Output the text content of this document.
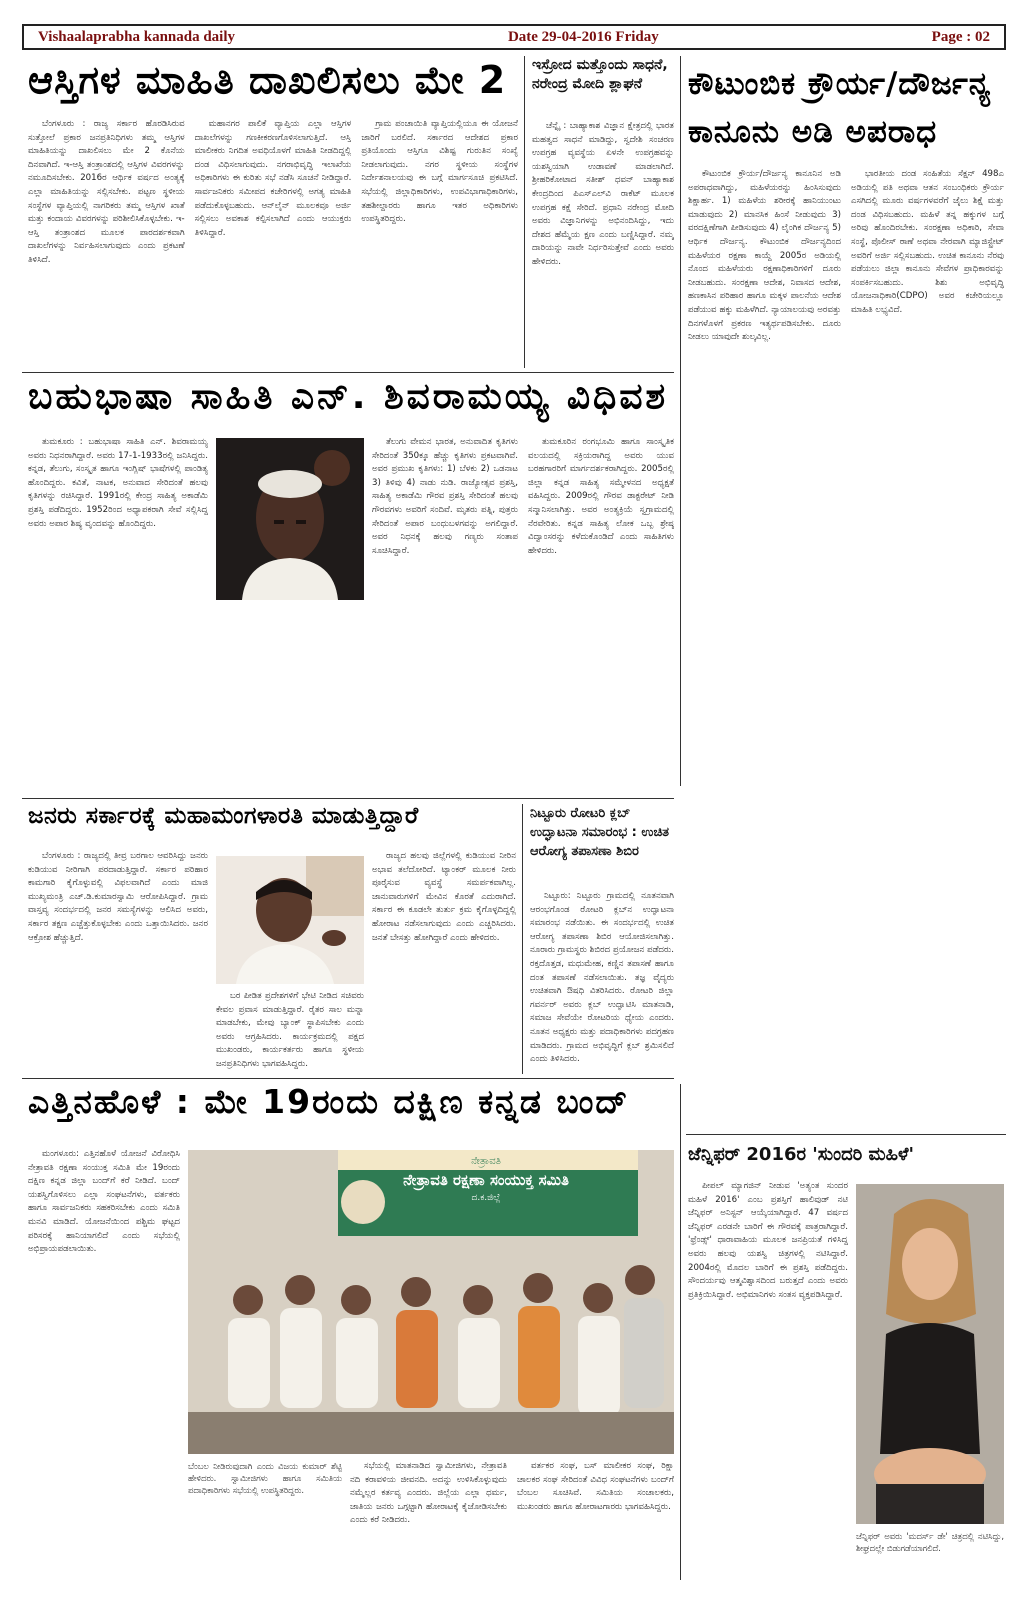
Vishaalaprabha kannada daily	Date 29-04-2016 Friday	Page : 02
ಆಸ್ತಿಗಳ ಮಾಹಿತಿ ದಾಖಲಿಸಲು ಮೇ 2

ಬೆಂಗಳೂರು : ರಾಜ್ಯ ಸರ್ಕಾರ ಹೊರಡಿಸಿರುವ ಸುತ್ತೋಲೆ ಪ್ರಕಾರ ಜನಪ್ರತಿನಿಧಿಗಳು ತಮ್ಮ ಆಸ್ತಿಗಳ ಮಾಹಿತಿಯನ್ನು ದಾಖಲಿಸಲು ಮೇ 2 ಕೊನೆಯ ದಿನವಾಗಿದೆ. ಇ-ಆಸ್ತಿ ತಂತ್ರಾಂಶದಲ್ಲಿ ಆಸ್ತಿಗಳ ವಿವರಗಳನ್ನು ನಮೂದಿಸಬೇಕು. 2016ರ ಆರ್ಥಿಕ ವರ್ಷದ ಅಂತ್ಯಕ್ಕೆ ಎಲ್ಲಾ ಮಾಹಿತಿಯನ್ನು ಸಲ್ಲಿಸಬೇಕು. ಪಟ್ಟಣ ಸ್ಥಳೀಯ ಸಂಸ್ಥೆಗಳ ವ್ಯಾಪ್ತಿಯಲ್ಲಿ ನಾಗರಿಕರು ತಮ್ಮ ಆಸ್ತಿಗಳ ಖಾತೆ ಮತ್ತು ಕಂದಾಯ ವಿವರಗಳನ್ನು ಪರಿಶೀಲಿಸಿಕೊಳ್ಳಬೇಕು. ಇ-ಆಸ್ತಿ ತಂತ್ರಾಂಶದ ಮೂಲಕ ಪಾರದರ್ಶಕವಾಗಿ ದಾಖಲೆಗಳನ್ನು ನಿರ್ವಹಿಸಲಾಗುವುದು ಎಂದು ಪ್ರಕಟಣೆ ತಿಳಿಸಿದೆ.

ಮಹಾನಗರ ಪಾಲಿಕೆ ವ್ಯಾಪ್ತಿಯ ಎಲ್ಲಾ ಆಸ್ತಿಗಳ ದಾಖಲೆಗಳನ್ನು ಗಣಕೀಕರಣಗೊಳಿಸಲಾಗುತ್ತಿದೆ. ಆಸ್ತಿ ಮಾಲೀಕರು ನಿಗದಿತ ಅವಧಿಯೊಳಗೆ ಮಾಹಿತಿ ನೀಡದಿದ್ದಲ್ಲಿ ದಂಡ ವಿಧಿಸಲಾಗುವುದು. ನಗರಾಭಿವೃದ್ಧಿ ಇಲಾಖೆಯ ಅಧಿಕಾರಿಗಳು ಈ ಕುರಿತು ಸಭೆ ನಡೆಸಿ ಸೂಚನೆ ನೀಡಿದ್ದಾರೆ. ಸಾರ್ವಜನಿಕರು ಸಮೀಪದ ಕಚೇರಿಗಳಲ್ಲಿ ಅಗತ್ಯ ಮಾಹಿತಿ ಪಡೆದುಕೊಳ್ಳಬಹುದು. ಆನ್‌ಲೈನ್ ಮೂಲಕವೂ ಅರ್ಜಿ ಸಲ್ಲಿಸಲು ಅವಕಾಶ ಕಲ್ಪಿಸಲಾಗಿದೆ ಎಂದು ಆಯುಕ್ತರು ತಿಳಿಸಿದ್ದಾರೆ.

ಗ್ರಾಮ ಪಂಚಾಯಿತಿ ವ್ಯಾಪ್ತಿಯಲ್ಲಿಯೂ ಈ ಯೋಜನೆ ಜಾರಿಗೆ ಬರಲಿದೆ. ಸರ್ಕಾರದ ಆದೇಶದ ಪ್ರಕಾರ ಪ್ರತಿಯೊಂದು ಆಸ್ತಿಗೂ ವಿಶಿಷ್ಟ ಗುರುತಿನ ಸಂಖ್ಯೆ ನೀಡಲಾಗುವುದು. ನಗರ ಸ್ಥಳೀಯ ಸಂಸ್ಥೆಗಳ ನಿರ್ದೇಶನಾಲಯವು ಈ ಬಗ್ಗೆ ಮಾರ್ಗಸೂಚಿ ಪ್ರಕಟಿಸಿದೆ. ಸಭೆಯಲ್ಲಿ ಜಿಲ್ಲಾಧಿಕಾರಿಗಳು, ಉಪವಿಭಾಗಾಧಿಕಾರಿಗಳು, ತಹಶೀಲ್ದಾರರು ಹಾಗೂ ಇತರ ಅಧಿಕಾರಿಗಳು ಉಪಸ್ಥಿತರಿದ್ದರು.

ಇಸ್ರೋದ ಮತ್ತೊಂದು ಸಾಧನೆ, ನರೇಂದ್ರ ಮೋದಿ ಶ್ಲಾಘನೆ

ಚೆನ್ನೈ : ಬಾಹ್ಯಾಕಾಶ ವಿಜ್ಞಾನ ಕ್ಷೇತ್ರದಲ್ಲಿ ಭಾರತ ಮಹತ್ವದ ಸಾಧನೆ ಮಾಡಿದ್ದು, ಸ್ವದೇಶಿ ಸಂಚರಣ ಉಪಗ್ರಹ ವ್ಯವಸ್ಥೆಯ ಏಳನೇ ಉಪಗ್ರಹವನ್ನು ಯಶಸ್ವಿಯಾಗಿ ಉಡಾವಣೆ ಮಾಡಲಾಗಿದೆ. ಶ್ರೀಹರಿಕೋಟಾದ ಸತೀಶ್ ಧವನ್ ಬಾಹ್ಯಾಕಾಶ ಕೇಂದ್ರದಿಂದ ಪಿಎಸ್‌ಎಲ್‌ವಿ ರಾಕೆಟ್ ಮೂಲಕ ಉಪಗ್ರಹ ಕಕ್ಷೆ ಸೇರಿದೆ. ಪ್ರಧಾನಿ ನರೇಂದ್ರ ಮೋದಿ ಅವರು ವಿಜ್ಞಾನಿಗಳನ್ನು ಅಭಿನಂದಿಸಿದ್ದು, ಇದು ದೇಶದ ಹೆಮ್ಮೆಯ ಕ್ಷಣ ಎಂದು ಬಣ್ಣಿಸಿದ್ದಾರೆ. ನಮ್ಮ ದಾರಿಯನ್ನು ನಾವೇ ನಿರ್ಧರಿಸುತ್ತೇವೆ ಎಂದು ಅವರು ಹೇಳಿದರು.

ಕೌಟುಂಬಿಕ ಕ್ರೌರ್ಯ/ದೌರ್ಜನ್ಯ ಕಾನೂನು ಅಡಿ ಅಪರಾಧ

ಕೌಟುಂಬಿಕ ಕ್ರೌರ್ಯ/ದೌರ್ಜನ್ಯ ಕಾನೂನಿನ ಅಡಿ ಅಪರಾಧವಾಗಿದ್ದು, ಮಹಿಳೆಯರನ್ನು ಹಿಂಸಿಸುವುದು ಶಿಕ್ಷಾರ್ಹ. 1) ಮಹಿಳೆಯ ಶರೀರಕ್ಕೆ ಹಾನಿಯುಂಟು ಮಾಡುವುದು 2) ಮಾನಸಿಕ ಹಿಂಸೆ ನೀಡುವುದು 3) ವರದಕ್ಷಿಣೆಗಾಗಿ ಪೀಡಿಸುವುದು 4) ಲೈಂಗಿಕ ದೌರ್ಜನ್ಯ 5) ಆರ್ಥಿಕ ದೌರ್ಜನ್ಯ. ಕೌಟುಂಬಿಕ ದೌರ್ಜನ್ಯದಿಂದ ಮಹಿಳೆಯರ ರಕ್ಷಣಾ ಕಾಯ್ದೆ 2005ರ ಅಡಿಯಲ್ಲಿ ನೊಂದ ಮಹಿಳೆಯರು ರಕ್ಷಣಾಧಿಕಾರಿಗಳಿಗೆ ದೂರು ನೀಡಬಹುದು. ಸಂರಕ್ಷಣಾ ಆದೇಶ, ನಿವಾಸದ ಆದೇಶ, ಹಣಕಾಸಿನ ಪರಿಹಾರ ಹಾಗೂ ಮಕ್ಕಳ ಪಾಲನೆಯ ಆದೇಶ ಪಡೆಯುವ ಹಕ್ಕು ಮಹಿಳೆಗಿದೆ. ನ್ಯಾಯಾಲಯವು ಅರವತ್ತು ದಿನಗಳೊಳಗೆ ಪ್ರಕರಣ ಇತ್ಯರ್ಥಪಡಿಸಬೇಕು. ದೂರು ನೀಡಲು ಯಾವುದೇ ಶುಲ್ಕವಿಲ್ಲ.

ಭಾರತೀಯ ದಂಡ ಸಂಹಿತೆಯ ಸೆಕ್ಷನ್ 498ಎ ಅಡಿಯಲ್ಲಿ ಪತಿ ಅಥವಾ ಆತನ ಸಂಬಂಧಿಕರು ಕ್ರೌರ್ಯ ಎಸಗಿದಲ್ಲಿ ಮೂರು ವರ್ಷಗಳವರೆಗೆ ಜೈಲು ಶಿಕ್ಷೆ ಮತ್ತು ದಂಡ ವಿಧಿಸಬಹುದು. ಮಹಿಳೆ ತನ್ನ ಹಕ್ಕುಗಳ ಬಗ್ಗೆ ಅರಿವು ಹೊಂದಿರಬೇಕು. ಸಂರಕ್ಷಣಾ ಅಧಿಕಾರಿ, ಸೇವಾ ಸಂಸ್ಥೆ, ಪೊಲೀಸ್ ಠಾಣೆ ಅಥವಾ ನೇರವಾಗಿ ಮ್ಯಾಜಿಸ್ಟ್ರೇಟ್ ಅವರಿಗೆ ಅರ್ಜಿ ಸಲ್ಲಿಸಬಹುದು. ಉಚಿತ ಕಾನೂನು ನೆರವು ಪಡೆಯಲು ಜಿಲ್ಲಾ ಕಾನೂನು ಸೇವೆಗಳ ಪ್ರಾಧಿಕಾರವನ್ನು ಸಂಪರ್ಕಿಸಬಹುದು. ಶಿಶು ಅಭಿವೃದ್ಧಿ ಯೋಜನಾಧಿಕಾರಿ(CDPO) ಅವರ ಕಚೇರಿಯಲ್ಲೂ ಮಾಹಿತಿ ಲಭ್ಯವಿದೆ.

ಬಹುಭಾಷಾ ಸಾಹಿತಿ ಎನ್. ಶಿವರಾಮಯ್ಯ ವಿಧಿವಶ

ತುಮಕೂರು : ಬಹುಭಾಷಾ ಸಾಹಿತಿ ಎನ್. ಶಿವರಾಮಯ್ಯ ಅವರು ನಿಧನರಾಗಿದ್ದಾರೆ. ಅವರು 17-1-1933ರಲ್ಲಿ ಜನಿಸಿದ್ದರು. ಕನ್ನಡ, ತೆಲುಗು, ಸಂಸ್ಕೃತ ಹಾಗೂ ಇಂಗ್ಲಿಷ್ ಭಾಷೆಗಳಲ್ಲಿ ಪಾಂಡಿತ್ಯ ಹೊಂದಿದ್ದರು. ಕವಿತೆ, ನಾಟಕ, ಅನುವಾದ ಸೇರಿದಂತೆ ಹಲವು ಕೃತಿಗಳನ್ನು ರಚಿಸಿದ್ದಾರೆ. 1991ರಲ್ಲಿ ಕೇಂದ್ರ ಸಾಹಿತ್ಯ ಅಕಾಡೆಮಿ ಪ್ರಶಸ್ತಿ ಪಡೆದಿದ್ದರು. 1952ರಿಂದ ಅಧ್ಯಾಪಕರಾಗಿ ಸೇವೆ ಸಲ್ಲಿಸಿದ್ದ ಅವರು ಅಪಾರ ಶಿಷ್ಯ ವೃಂದವನ್ನು ಹೊಂದಿದ್ದರು.

ತೆಲುಗು ವೇಮನ ಭಾರತ, ಅನುವಾದಿತ ಕೃತಿಗಳು ಸೇರಿದಂತೆ 350ಕ್ಕೂ ಹೆಚ್ಚು ಕೃತಿಗಳು ಪ್ರಕಟವಾಗಿವೆ. ಅವರ ಪ್ರಮುಖ ಕೃತಿಗಳು: 1) ಬೆಳಕು 2) ಒಡನಾಟ 3) ತಿಳಿವು 4) ನಾಡು ನುಡಿ. ರಾಜ್ಯೋತ್ಸವ ಪ್ರಶಸ್ತಿ, ಸಾಹಿತ್ಯ ಅಕಾಡೆಮಿ ಗೌರವ ಪ್ರಶಸ್ತಿ ಸೇರಿದಂತೆ ಹಲವು ಗೌರವಗಳು ಅವರಿಗೆ ಸಂದಿವೆ. ಮೃತರು ಪತ್ನಿ, ಪುತ್ರರು ಸೇರಿದಂತೆ ಅಪಾರ ಬಂಧುಬಳಗವನ್ನು ಅಗಲಿದ್ದಾರೆ. ಅವರ ನಿಧನಕ್ಕೆ ಹಲವು ಗಣ್ಯರು ಸಂತಾಪ ಸೂಚಿಸಿದ್ದಾರೆ.

ತುಮಕೂರಿನ ರಂಗಭೂಮಿ ಹಾಗೂ ಸಾಂಸ್ಕೃತಿಕ ವಲಯದಲ್ಲಿ ಸಕ್ರಿಯರಾಗಿದ್ದ ಅವರು ಯುವ ಬರಹಗಾರರಿಗೆ ಮಾರ್ಗದರ್ಶಕರಾಗಿದ್ದರು. 2005ರಲ್ಲಿ ಜಿಲ್ಲಾ ಕನ್ನಡ ಸಾಹಿತ್ಯ ಸಮ್ಮೇಳನದ ಅಧ್ಯಕ್ಷತೆ ವಹಿಸಿದ್ದರು. 2009ರಲ್ಲಿ ಗೌರವ ಡಾಕ್ಟರೇಟ್ ನೀಡಿ ಸನ್ಮಾನಿಸಲಾಗಿತ್ತು. ಅವರ ಅಂತ್ಯಕ್ರಿಯೆ ಸ್ವಗ್ರಾಮದಲ್ಲಿ ನೆರವೇರಿತು. ಕನ್ನಡ ಸಾಹಿತ್ಯ ಲೋಕ ಒಬ್ಬ ಶ್ರೇಷ್ಠ ವಿದ್ವಾಂಸರನ್ನು ಕಳೆದುಕೊಂಡಿದೆ ಎಂದು ಸಾಹಿತಿಗಳು ಹೇಳಿದರು.

ಜನರು ಸರ್ಕಾರಕ್ಕೆ ಮಹಾಮಂಗಳಾರತಿ ಮಾಡುತ್ತಿದ್ದಾರೆ

ಬೆಂಗಳೂರು : ರಾಜ್ಯದಲ್ಲಿ ತೀವ್ರ ಬರಗಾಲ ಆವರಿಸಿದ್ದು ಜನರು ಕುಡಿಯುವ ನೀರಿಗಾಗಿ ಪರದಾಡುತ್ತಿದ್ದಾರೆ. ಸರ್ಕಾರ ಪರಿಹಾರ ಕಾಮಗಾರಿ ಕೈಗೊಳ್ಳುವಲ್ಲಿ ವಿಫಲವಾಗಿದೆ ಎಂದು ಮಾಜಿ ಮುಖ್ಯಮಂತ್ರಿ ಎಚ್.ಡಿ.ಕುಮಾರಸ್ವಾಮಿ ಆರೋಪಿಸಿದ್ದಾರೆ. ಗ್ರಾಮ ವಾಸ್ತವ್ಯ ಸಂದರ್ಭದಲ್ಲಿ ಜನರ ಸಮಸ್ಯೆಗಳನ್ನು ಆಲಿಸಿದ ಅವರು, ಸರ್ಕಾರ ತಕ್ಷಣ ಎಚ್ಚೆತ್ತುಕೊಳ್ಳಬೇಕು ಎಂದು ಒತ್ತಾಯಿಸಿದರು. ಜನರ ಆಕ್ರೋಶ ಹೆಚ್ಚುತ್ತಿದೆ.

ರಾಜ್ಯದ ಹಲವು ಜಿಲ್ಲೆಗಳಲ್ಲಿ ಕುಡಿಯುವ ನೀರಿನ ಅಭಾವ ತಲೆದೋರಿದೆ. ಟ್ಯಾಂಕರ್ ಮೂಲಕ ನೀರು ಪೂರೈಸುವ ವ್ಯವಸ್ಥೆ ಸಮರ್ಪಕವಾಗಿಲ್ಲ. ಜಾನುವಾರುಗಳಿಗೆ ಮೇವಿನ ಕೊರತೆ ಎದುರಾಗಿದೆ. ಸರ್ಕಾರ ಈ ಕೂಡಲೇ ತುರ್ತು ಕ್ರಮ ಕೈಗೊಳ್ಳದಿದ್ದಲ್ಲಿ ಹೋರಾಟ ನಡೆಸಲಾಗುವುದು ಎಂದು ಎಚ್ಚರಿಸಿದರು. ಜನತೆ ಬೇಸತ್ತು ಹೋಗಿದ್ದಾರೆ ಎಂದು ಹೇಳಿದರು.

ಬರ ಪೀಡಿತ ಪ್ರದೇಶಗಳಿಗೆ ಭೇಟಿ ನೀಡಿದ ಸಚಿವರು ಕೇವಲ ಪ್ರವಾಸ ಮಾಡುತ್ತಿದ್ದಾರೆ. ರೈತರ ಸಾಲ ಮನ್ನಾ ಮಾಡಬೇಕು, ಮೇವು ಬ್ಯಾಂಕ್ ಸ್ಥಾಪಿಸಬೇಕು ಎಂದು ಅವರು ಆಗ್ರಹಿಸಿದರು. ಕಾರ್ಯಕ್ರಮದಲ್ಲಿ ಪಕ್ಷದ ಮುಖಂಡರು, ಕಾರ್ಯಕರ್ತರು ಹಾಗೂ ಸ್ಥಳೀಯ ಜನಪ್ರತಿನಿಧಿಗಳು ಭಾಗವಹಿಸಿದ್ದರು.

ನಿಟ್ಟೂರು ರೋಟರಿ ಕ್ಲಬ್ ಉದ್ಘಾಟನಾ ಸಮಾರಂಭ : ಉಚಿತ ಆರೋಗ್ಯ ತಪಾಸಣಾ ಶಿಬಿರ

ನಿಟ್ಟೂರು: ನಿಟ್ಟೂರು ಗ್ರಾಮದಲ್ಲಿ ನೂತನವಾಗಿ ಆರಂಭಗೊಂಡ ರೋಟರಿ ಕ್ಲಬ್‌ನ ಉದ್ಘಾಟನಾ ಸಮಾರಂಭ ನಡೆಯಿತು. ಈ ಸಂದರ್ಭದಲ್ಲಿ ಉಚಿತ ಆರೋಗ್ಯ ತಪಾಸಣಾ ಶಿಬಿರ ಆಯೋಜಿಸಲಾಗಿತ್ತು. ನೂರಾರು ಗ್ರಾಮಸ್ಥರು ಶಿಬಿರದ ಪ್ರಯೋಜನ ಪಡೆದರು. ರಕ್ತದೊತ್ತಡ, ಮಧುಮೇಹ, ಕಣ್ಣಿನ ತಪಾಸಣೆ ಹಾಗೂ ದಂತ ತಪಾಸಣೆ ನಡೆಸಲಾಯಿತು. ತಜ್ಞ ವೈದ್ಯರು ಉಚಿತವಾಗಿ ಔಷಧಿ ವಿತರಿಸಿದರು. ರೋಟರಿ ಜಿಲ್ಲಾ ಗವರ್ನರ್ ಅವರು ಕ್ಲಬ್ ಉದ್ಘಾಟಿಸಿ ಮಾತನಾಡಿ, ಸಮಾಜ ಸೇವೆಯೇ ರೋಟರಿಯ ಧ್ಯೇಯ ಎಂದರು. ನೂತನ ಅಧ್ಯಕ್ಷರು ಮತ್ತು ಪದಾಧಿಕಾರಿಗಳು ಪದಗ್ರಹಣ ಮಾಡಿದರು. ಗ್ರಾಮದ ಅಭಿವೃದ್ಧಿಗೆ ಕ್ಲಬ್ ಶ್ರಮಿಸಲಿದೆ ಎಂದು ತಿಳಿಸಿದರು.

ಎತ್ತಿನಹೊಳೆ : ಮೇ 19ರಂದು ದಕ್ಷಿಣ ಕನ್ನಡ ಬಂದ್

ಮಂಗಳೂರು: ಎತ್ತಿನಹೊಳೆ ಯೋಜನೆ ವಿರೋಧಿಸಿ ನೇತ್ರಾವತಿ ರಕ್ಷಣಾ ಸಂಯುಕ್ತ ಸಮಿತಿ ಮೇ 19ರಂದು ದಕ್ಷಿಣ ಕನ್ನಡ ಜಿಲ್ಲಾ ಬಂದ್‌ಗೆ ಕರೆ ನೀಡಿದೆ. ಬಂದ್ ಯಶಸ್ವಿಗೊಳಿಸಲು ಎಲ್ಲಾ ಸಂಘಟನೆಗಳು, ವರ್ತಕರು ಹಾಗೂ ಸಾರ್ವಜನಿಕರು ಸಹಕರಿಸಬೇಕು ಎಂದು ಸಮಿತಿ ಮನವಿ ಮಾಡಿದೆ. ಯೋಜನೆಯಿಂದ ಪಶ್ಚಿಮ ಘಟ್ಟದ ಪರಿಸರಕ್ಕೆ ಹಾನಿಯಾಗಲಿದೆ ಎಂದು ಸಭೆಯಲ್ಲಿ ಅಭಿಪ್ರಾಯಪಡಲಾಯಿತು.

ನೇತ್ರಾವತಿ
ನೇತ್ರಾವತಿ ರಕ್ಷಣಾ ಸಂಯುಕ್ತ ಸಮಿತಿ
ದ.ಕ.ಜಿಲ್ಲೆ
ಬೆಂಬಲ ನೀಡಿರುವುದಾಗಿ ಎಂದು ವಿಜಯ ಕುಮಾರ್ ಶೆಟ್ಟಿ ಹೇಳಿದರು. ಸ್ವಾಮೀಜಿಗಳು ಹಾಗೂ ಸಮಿತಿಯ ಪದಾಧಿಕಾರಿಗಳು ಸಭೆಯಲ್ಲಿ ಉಪಸ್ಥಿತರಿದ್ದರು.

ಸಭೆಯಲ್ಲಿ ಮಾತನಾಡಿದ ಸ್ವಾಮೀಜಿಗಳು, ನೇತ್ರಾವತಿ ನದಿ ಕರಾವಳಿಯ ಜೀವನದಿ. ಅದನ್ನು ಉಳಿಸಿಕೊಳ್ಳುವುದು ನಮ್ಮೆಲ್ಲರ ಕರ್ತವ್ಯ ಎಂದರು. ಜಿಲ್ಲೆಯ ಎಲ್ಲಾ ಧರ್ಮ, ಜಾತಿಯ ಜನರು ಒಗ್ಗಟ್ಟಾಗಿ ಹೋರಾಟಕ್ಕೆ ಕೈಜೋಡಿಸಬೇಕು ಎಂದು ಕರೆ ನೀಡಿದರು.

ವರ್ತಕರ ಸಂಘ, ಬಸ್ ಮಾಲೀಕರ ಸಂಘ, ರಿಕ್ಷಾ ಚಾಲಕರ ಸಂಘ ಸೇರಿದಂತೆ ವಿವಿಧ ಸಂಘಟನೆಗಳು ಬಂದ್‌ಗೆ ಬೆಂಬಲ ಸೂಚಿಸಿವೆ. ಸಮಿತಿಯ ಸಂಚಾಲಕರು, ಮುಖಂಡರು ಹಾಗೂ ಹೋರಾಟಗಾರರು ಭಾಗವಹಿಸಿದ್ದರು.

ಜೆನ್ನಿಫರ್ 2016ರ 'ಸುಂದರಿ ಮಹಿಳೆ'

ಪೀಪಲ್ ಮ್ಯಾಗಜಿನ್ ನೀಡುವ 'ಅತ್ಯಂತ ಸುಂದರ ಮಹಿಳೆ 2016' ಎಂಬ ಪ್ರಶಸ್ತಿಗೆ ಹಾಲಿವುಡ್ ನಟಿ ಜೆನ್ನಿಫರ್ ಅನಿಸ್ಟನ್ ಆಯ್ಕೆಯಾಗಿದ್ದಾರೆ. 47 ವರ್ಷದ ಜೆನ್ನಿಫರ್ ಎರಡನೇ ಬಾರಿಗೆ ಈ ಗೌರವಕ್ಕೆ ಪಾತ್ರರಾಗಿದ್ದಾರೆ. 'ಫ್ರೆಂಡ್ಸ್' ಧಾರಾವಾಹಿಯ ಮೂಲಕ ಜನಪ್ರಿಯತೆ ಗಳಿಸಿದ್ದ ಅವರು ಹಲವು ಯಶಸ್ವಿ ಚಿತ್ರಗಳಲ್ಲಿ ನಟಿಸಿದ್ದಾರೆ. 2004ರಲ್ಲಿ ಮೊದಲ ಬಾರಿಗೆ ಈ ಪ್ರಶಸ್ತಿ ಪಡೆದಿದ್ದರು. ಸೌಂದರ್ಯವು ಆತ್ಮವಿಶ್ವಾಸದಿಂದ ಬರುತ್ತದೆ ಎಂದು ಅವರು ಪ್ರತಿಕ್ರಿಯಿಸಿದ್ದಾರೆ. ಅಭಿಮಾನಿಗಳು ಸಂತಸ ವ್ಯಕ್ತಪಡಿಸಿದ್ದಾರೆ.

ಜೆನ್ನಿಫರ್ ಅವರು 'ಮದರ್ಸ್ ಡೇ' ಚಿತ್ರದಲ್ಲಿ ನಟಿಸಿದ್ದು, ಶೀಘ್ರದಲ್ಲೇ ಬಿಡುಗಡೆಯಾಗಲಿದೆ.
